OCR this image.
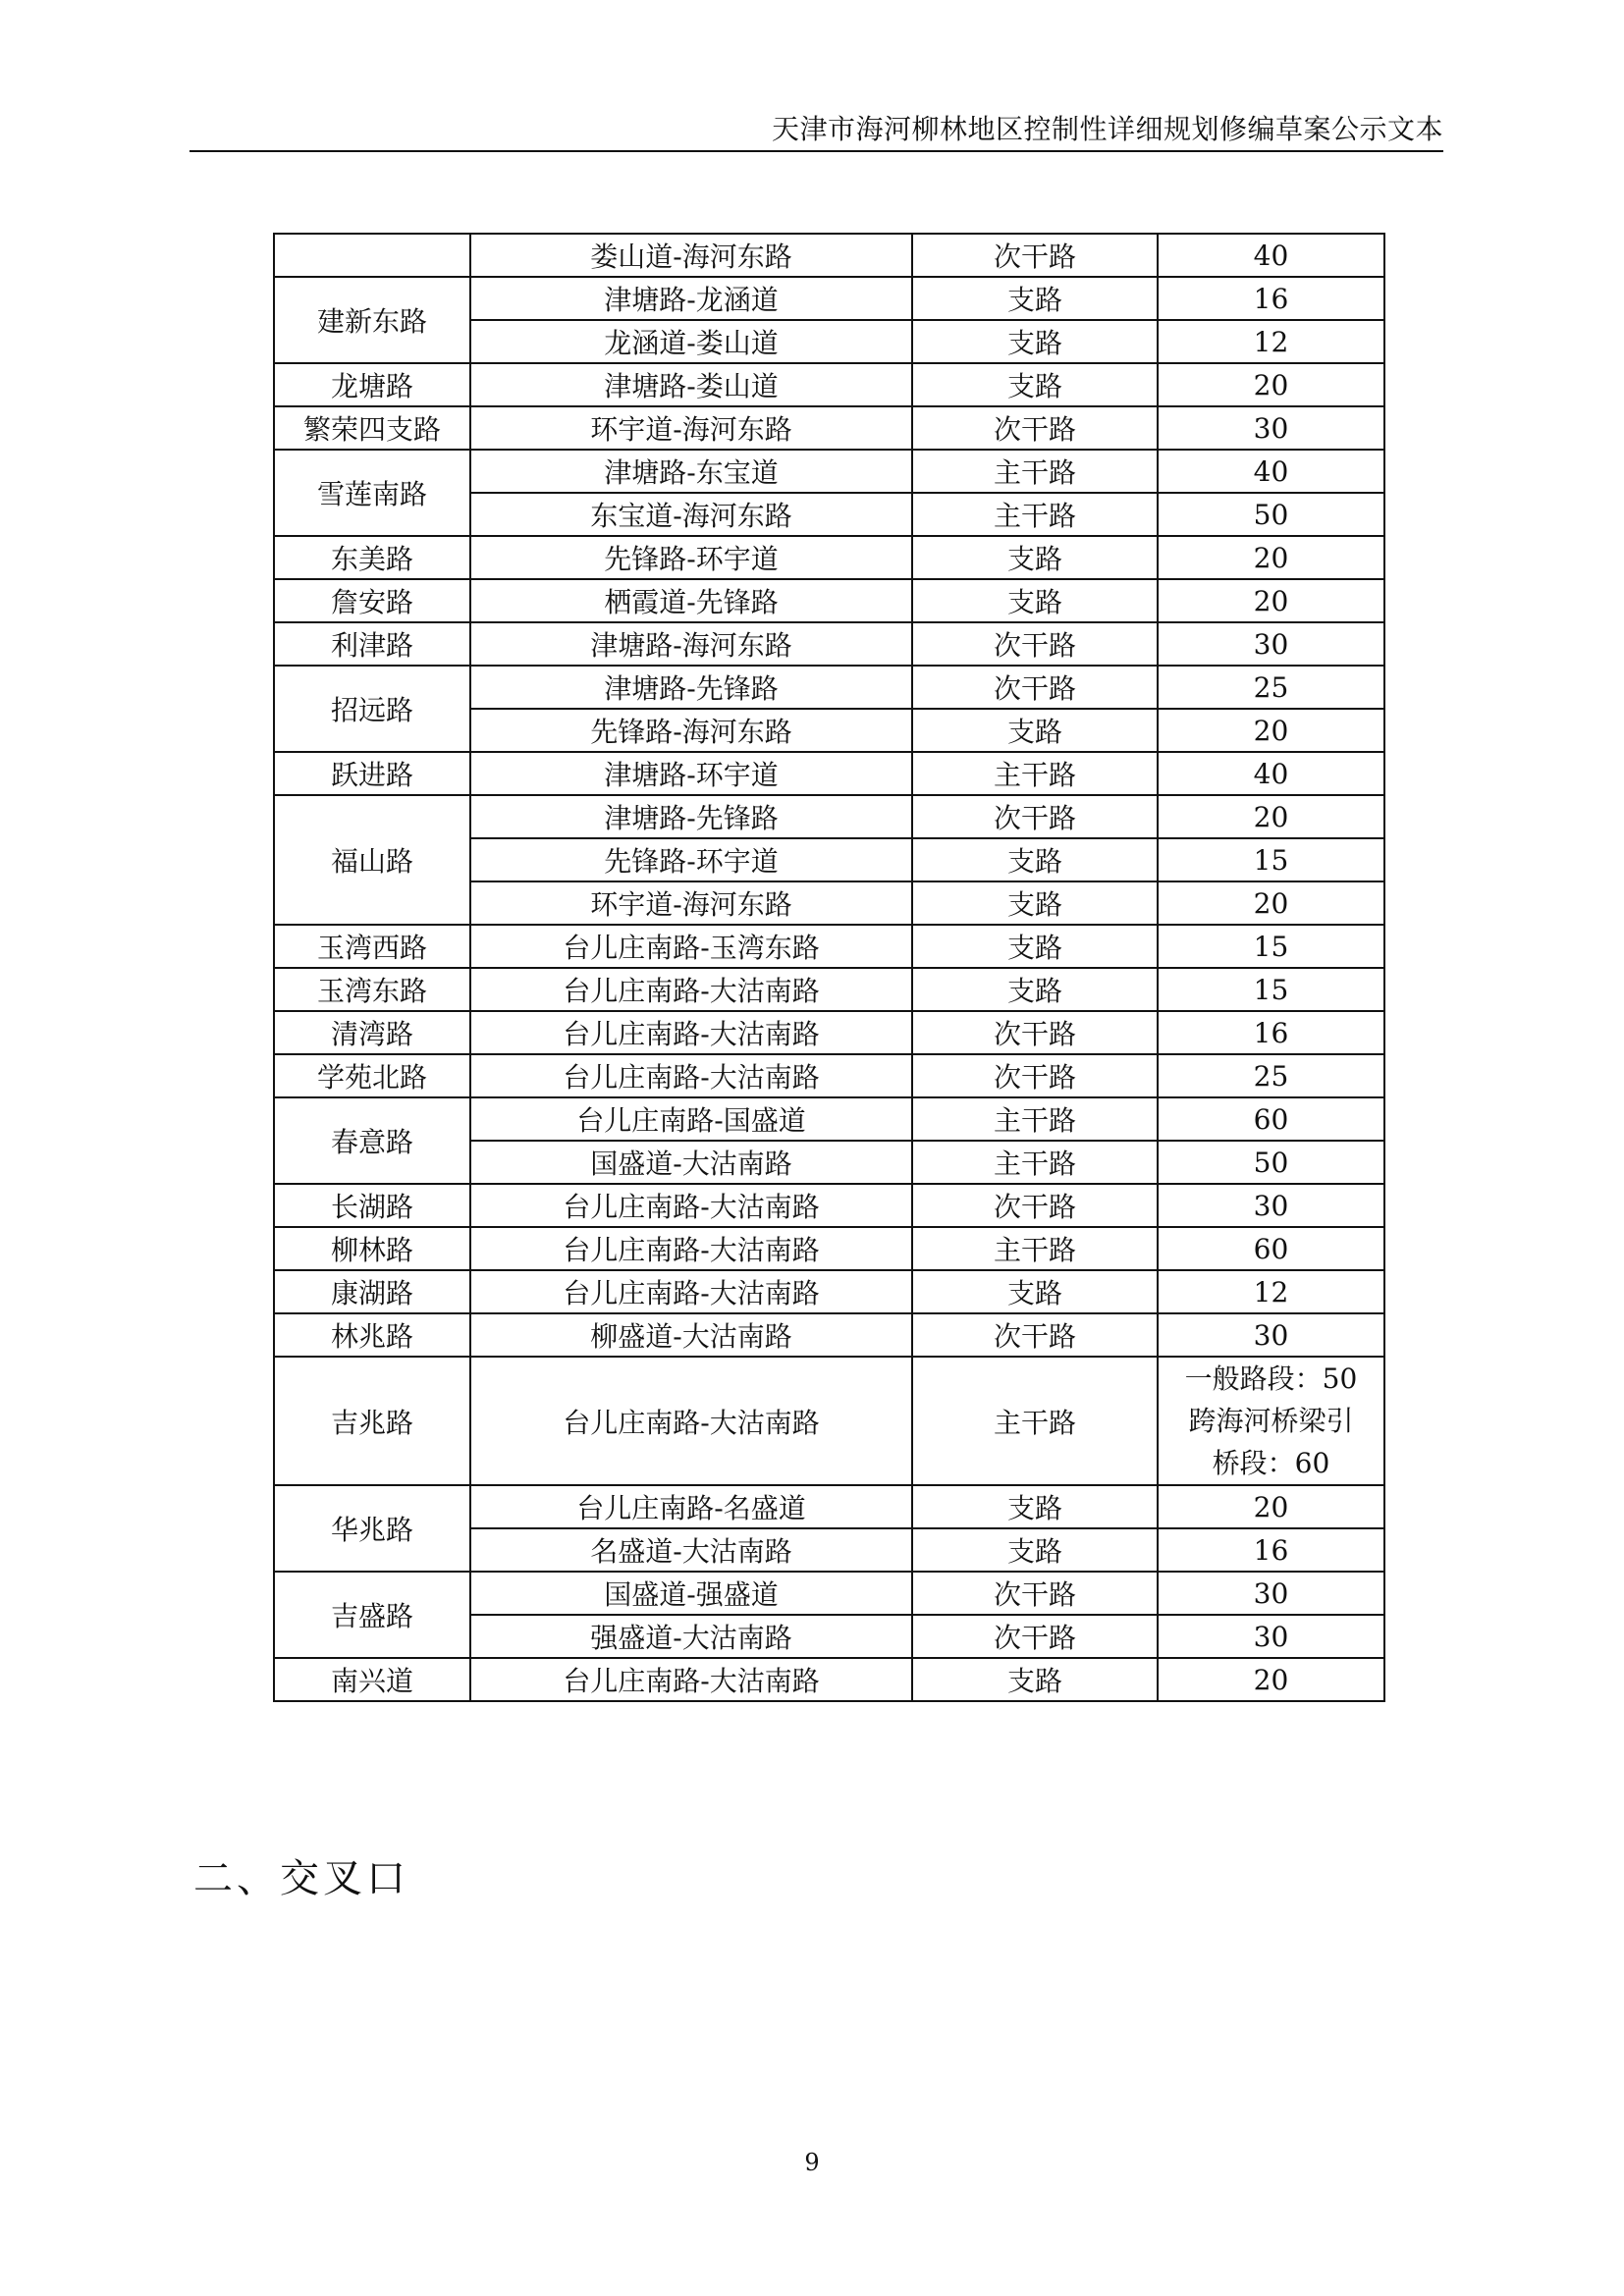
天津市海河柳林地区控制性详细规划修编草案公示文本
	娄山道-海河东路	次干路	40
建新东路	津塘路-龙涵道	支路	16
	龙涵道-娄山道	支路	12
龙塘路	津塘路-娄山道	支路	20
繁荣四支路	环宇道-海河东路	次干路	30
雪莲南路	津塘路-东宝道	主干路	40
	东宝道-海河东路	主干路	50
东美路	先锋路-环宇道	支路	20
詹安路	栖霞道-先锋路	支路	20
利津路	津塘路-海河东路	次干路	30
招远路	津塘路-先锋路	次干路	25
	先锋路-海河东路	支路	20
跃进路	津塘路-环宇道	主干路	40
福山路	津塘路-先锋路	次干路	20
	先锋路-环宇道	支路	15
	环宇道-海河东路	支路	20
玉湾西路	台儿庄南路-玉湾东路	支路	15
玉湾东路	台儿庄南路-大沽南路	支路	15
清湾路	台儿庄南路-大沽南路	次干路	16
学苑北路	台儿庄南路-大沽南路	次干路	25
春意路	台儿庄南路-国盛道	主干路	60
	国盛道-大沽南路	主干路	50
长湖路	台儿庄南路-大沽南路	次干路	30
柳林路	台儿庄南路-大沽南路	主干路	60
康湖路	台儿庄南路-大沽南路	支路	12
林兆路	柳盛道-大沽南路	次干路	30
吉兆路	台儿庄南路-大沽南路	主干路	一般路段：50
跨海河桥梁引
桥段：60

华兆路	台儿庄南路-名盛道	支路	20
	名盛道-大沽南路	支路	16
吉盛路	国盛道-强盛道	次干路	30
	强盛道-大沽南路	次干路	30
南兴道	台儿庄南路-大沽南路	支路	20
二、交叉口
9
